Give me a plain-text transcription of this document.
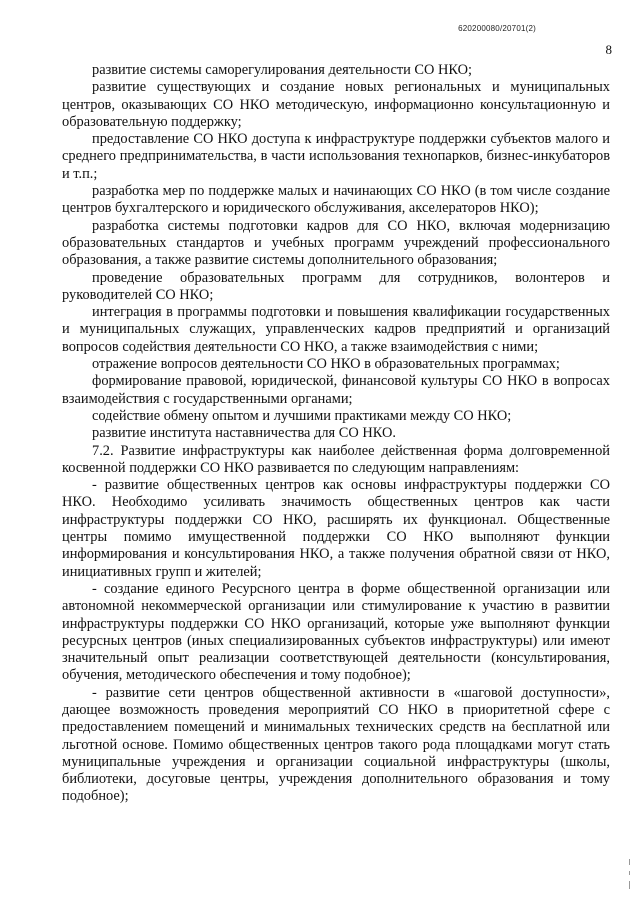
620200080/20701(2)
8

развитие системы саморегулирования деятельности СО НКО;

развитие существующих и создание новых региональных и муниципальных центров, оказывающих СО НКО методическую, информационно консультационную и образовательную поддержку;

предоставление СО НКО доступа к инфраструктуре поддержки субъектов малого и среднего предпринимательства, в части использования технопарков, бизнес-инкубаторов и т.п.;

разработка мер по поддержке малых и начинающих СО НКО (в том числе создание центров бухгалтерского и юридического обслуживания, акселераторов НКО);

разработка системы подготовки кадров для СО НКО, включая модернизацию образовательных стандартов и учебных программ учреждений профессионального образования, а также развитие системы дополнительного образования;

проведение образовательных программ для сотрудников, волонтеров и руководителей СО НКО;

интеграция в программы подготовки и повышения квалификации государственных и муниципальных служащих, управленческих кадров предприятий и организаций вопросов содействия деятельности СО НКО, а также взаимодействия с ними;

отражение вопросов деятельности СО НКО в образовательных программах;

формирование правовой, юридической, финансовой культуры СО НКО в вопросах взаимодействия с государственными органами;

содействие обмену опытом и лучшими практиками между СО НКО;

развитие института наставничества для СО НКО.

7.2. Развитие инфраструктуры как наиболее действенная форма долговременной косвенной поддержки СО НКО развивается по следующим направлениям:

- развитие общественных центров как основы инфраструктуры поддержки СО НКО. Необходимо усиливать значимость общественных центров как части инфраструктуры поддержки СО НКО, расширять их функционал. Общественные центры помимо имущественной поддержки СО НКО выполняют функции информирования и консультирования НКО, а также получения обратной связи от НКО, инициативных групп и жителей;

- создание единого Ресурсного центра в форме общественной организации или автономной некоммерческой организации или стимулирование к участию в развитии инфраструктуры поддержки СО НКО организаций, которые уже выполняют функции ресурсных центров (иных специализированных субъектов инфраструктуры) или имеют значительный опыт реализации соответствующей деятельности (консультирования, обучения, методического обеспечения и тому подобное);

- развитие сети центров общественной активности в «шаговой доступности», дающее возможность проведения мероприятий СО НКО в приоритетной сфере с предоставлением помещений и минимальных технических средств на бесплатной или льготной основе. Помимо общественных центров такого рода площадками могут стать муниципальные учреждения и организации социальной инфраструктуры (школы, библиотеки, досуговые центры, учреждения дополнительного образования и тому подобное);
